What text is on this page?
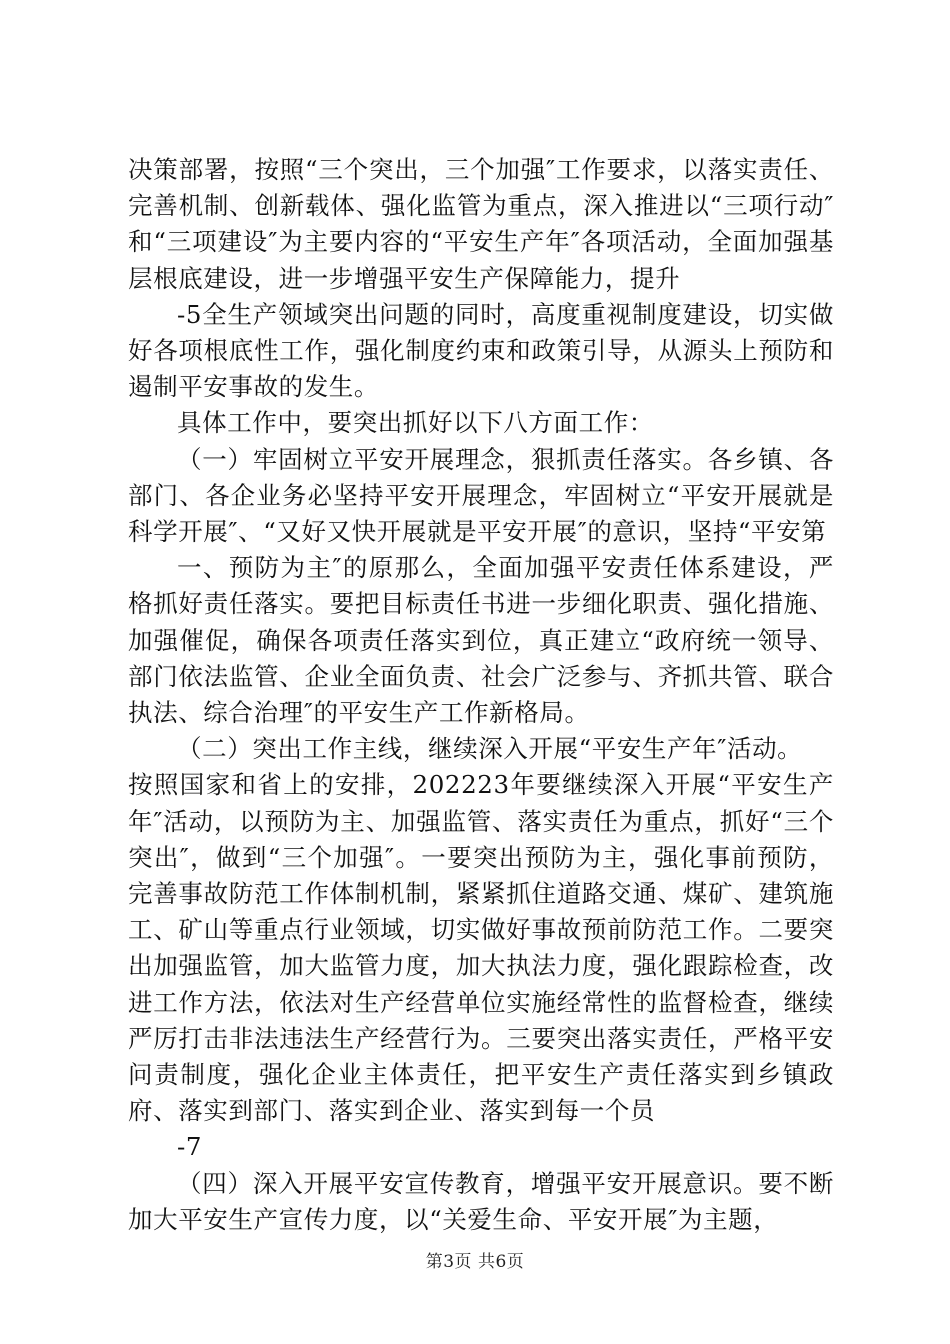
决策部署，按照“三个突出，三个加强″工作要求，以落实责任、完善机制、创新载体、强化监管为重点，深入推进以“三项行动″和“三项建设″为主要内容的“平安生产年″各项活动，全面加强基层根底建设，进一步增强平安生产保障能力，提升

-5全生产领域突出问题的同时，高度重视制度建设，切实做好各项根底性工作，强化制度约束和政策引导，从源头上预防和遏制平安事故的发生。

具体工作中，要突出抓好以下八方面工作：

（一）牢固树立平安开展理念，狠抓责任落实。各乡镇、各部门、各企业务必坚持平安开展理念，牢固树立“平安开展就是科学开展″、“又好又快开展就是平安开展″的意识，坚持“平安第

一、预防为主″的原那么，全面加强平安责任体系建设，严格抓好责任落实。要把目标责任书进一步细化职责、强化措施、加强催促，确保各项责任落实到位，真正建立“政府统一领导、部门依法监管、企业全面负责、社会广泛参与、齐抓共管、联合执法、综合治理″的平安生产工作新格局。

（二）突出工作主线，继续深入开展“平安生产年″活动。

按照国家和省上的安排，202223年要继续深入开展“平安生产年″活动，以预防为主、加强监管、落实责任为重点，抓好“三个突出″，做到“三个加强″。一要突出预防为主，强化事前预防，完善事故防范工作体制机制，紧紧抓住道路交通、煤矿、建筑施工、矿山等重点行业领域，切实做好事故预前防范工作。二要突出加强监管，加大监管力度，加大执法力度，强化跟踪检查，改进工作方法，依法对生产经营单位实施经常性的监督检查，继续严厉打击非法违法生产经营行为。三要突出落实责任，严格平安问责制度，强化企业主体责任，把平安生产责任落实到乡镇政府、落实到部门、落实到企业、落实到每一个员

-7

（四）深入开展平安宣传教育，增强平安开展意识。要不断加大平安生产宣传力度，以“关爱生命、平安开展″为主题，

第3页 共6页
